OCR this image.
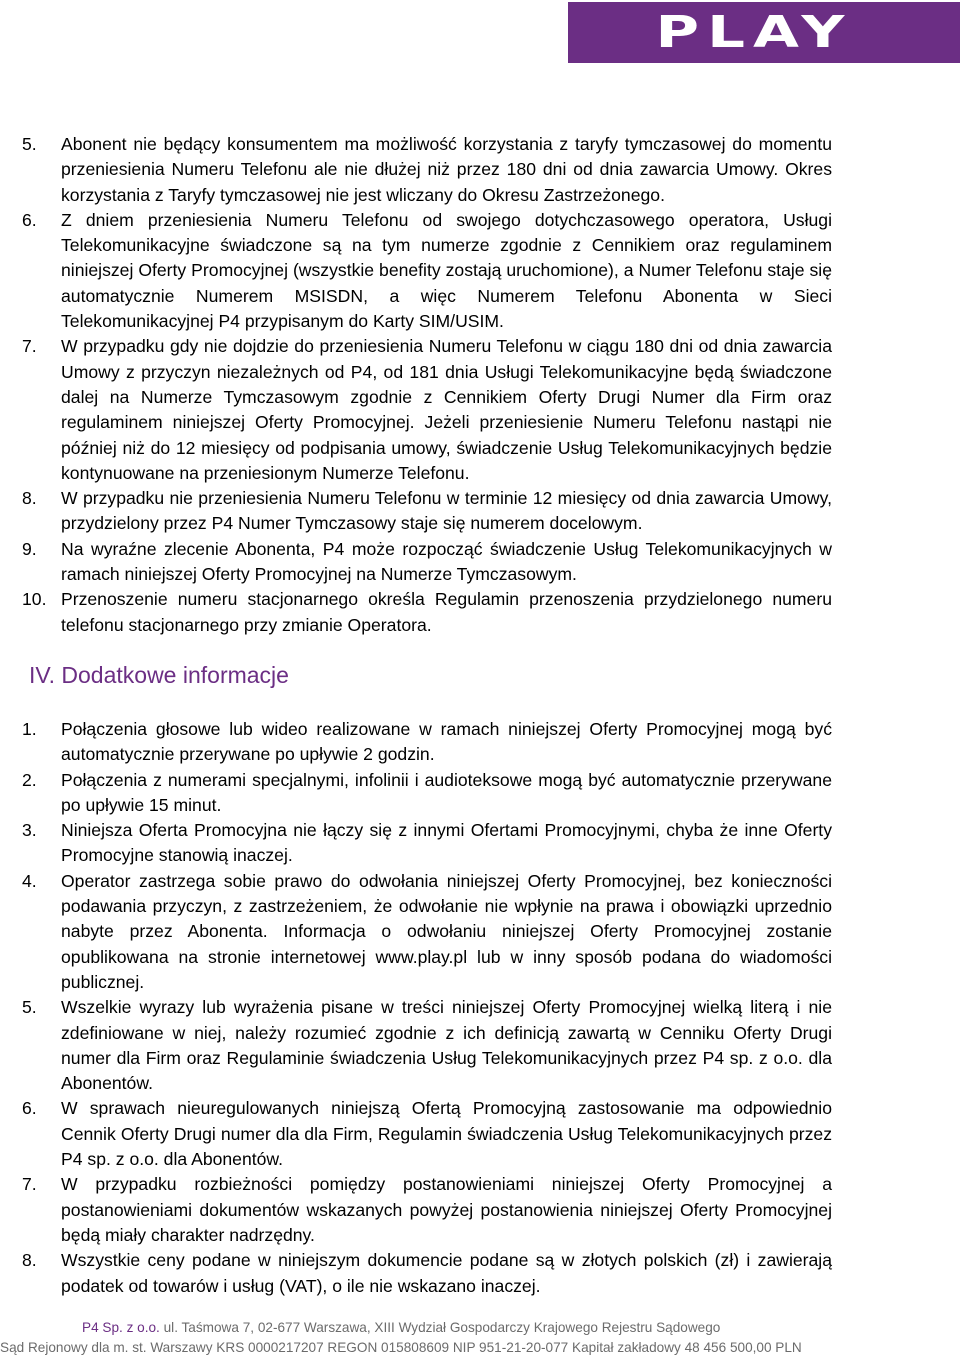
PLAY
5. Abonent nie będący konsumentem ma możliwość korzystania z taryfy tymczasowej do momentu przeniesienia Numeru Telefonu ale nie dłużej niż przez 180 dni od dnia zawarcia Umowy. Okres korzystania z Taryfy tymczasowej nie jest wliczany do Okresu Zastrzeżonego.
6. Z dniem przeniesienia Numeru Telefonu od swojego dotychczasowego operatora, Usługi Telekomunikacyjne świadczone są na tym numerze zgodnie z Cennikiem oraz regulaminem niniejszej Oferty Promocyjnej (wszystkie benefity zostają uruchomione), a Numer Telefonu staje się automatycznie Numerem MSISDN, a więc Numerem Telefonu Abonenta w Sieci Telekomunikacyjnej P4 przypisanym do Karty SIM/USIM.
7. W przypadku gdy nie dojdzie do przeniesienia Numeru Telefonu w ciągu 180 dni od dnia zawarcia Umowy z przyczyn niezależnych od P4, od 181 dnia Usługi Telekomunikacyjne będą świadczone dalej na Numerze Tymczasowym zgodnie z Cennikiem Oferty Drugi Numer dla Firm oraz regulaminem niniejszej Oferty Promocyjnej. Jeżeli przeniesienie Numeru Telefonu nastąpi nie później niż do 12 miesięcy od podpisania umowy, świadczenie Usług Telekomunikacyjnych będzie kontynuowane na przeniesionym Numerze Telefonu.
8. W przypadku nie przeniesienia Numeru Telefonu w terminie 12 miesięcy od dnia zawarcia Umowy, przydzielony przez P4 Numer Tymczasowy staje się numerem docelowym.
9. Na wyraźne zlecenie Abonenta, P4 może rozpocząć świadczenie Usług Telekomunikacyjnych w ramach niniejszej Oferty Promocyjnej na Numerze Tymczasowym.
10. Przenoszenie numeru stacjonarnego określa Regulamin przenoszenia przydzielonego numeru telefonu stacjonarnego przy zmianie Operatora.
IV. Dodatkowe informacje
1. Połączenia głosowe lub wideo realizowane w ramach niniejszej Oferty Promocyjnej mogą być automatycznie przerywane po upływie 2 godzin.
2. Połączenia z numerami specjalnymi, infolinii i audioteksowe mogą być automatycznie przerywane po upływie 15 minut.
3. Niniejsza Oferta Promocyjna nie łączy się z innymi Ofertami Promocyjnymi, chyba że inne Oferty Promocyjne stanowią inaczej.
4. Operator zastrzega sobie prawo do odwołania niniejszej Oferty Promocyjnej, bez konieczności podawania przyczyn, z zastrzeżeniem, że odwołanie nie wpłynie na prawa i obowiązki uprzednio nabyte przez Abonenta. Informacja o odwołaniu niniejszej Oferty Promocyjnej zostanie opublikowana na stronie internetowej www.play.pl lub w inny sposób podana do wiadomości publicznej.
5. Wszelkie wyrazy lub wyrażenia pisane w treści niniejszej Oferty Promocyjnej wielką literą i nie zdefiniowane w niej, należy rozumieć zgodnie z ich definicją zawartą w Cenniku Oferty Drugi numer dla Firm oraz Regulaminie świadczenia Usług Telekomunikacyjnych przez P4 sp. z o.o. dla Abonentów.
6. W sprawach nieuregulowanych niniejszą Ofertą Promocyjną zastosowanie ma odpowiednio Cennik Oferty Drugi numer dla dla Firm, Regulamin świadczenia Usług Telekomunikacyjnych przez P4 sp. z o.o. dla Abonentów.
7. W przypadku rozbieżności pomiędzy postanowieniami niniejszej Oferty Promocyjnej a postanowieniami dokumentów wskazanych powyżej postanowienia niniejszej Oferty Promocyjnej będą miały charakter nadrzędny.
8. Wszystkie ceny podane w niniejszym dokumencie podane są w złotych polskich (zł) i zawierają podatek od towarów i usług (VAT), o ile nie wskazano inaczej.
P4 Sp. z o.o. ul. Taśmowa 7, 02-677 Warszawa, XIII Wydział Gospodarczy Krajowego Rejestru Sądowego
Sąd Rejonowy dla m. st. Warszawy KRS 0000217207 REGON 015808609 NIP 951-21-20-077 Kapitał zakładowy 48 456 500,00 PLN
